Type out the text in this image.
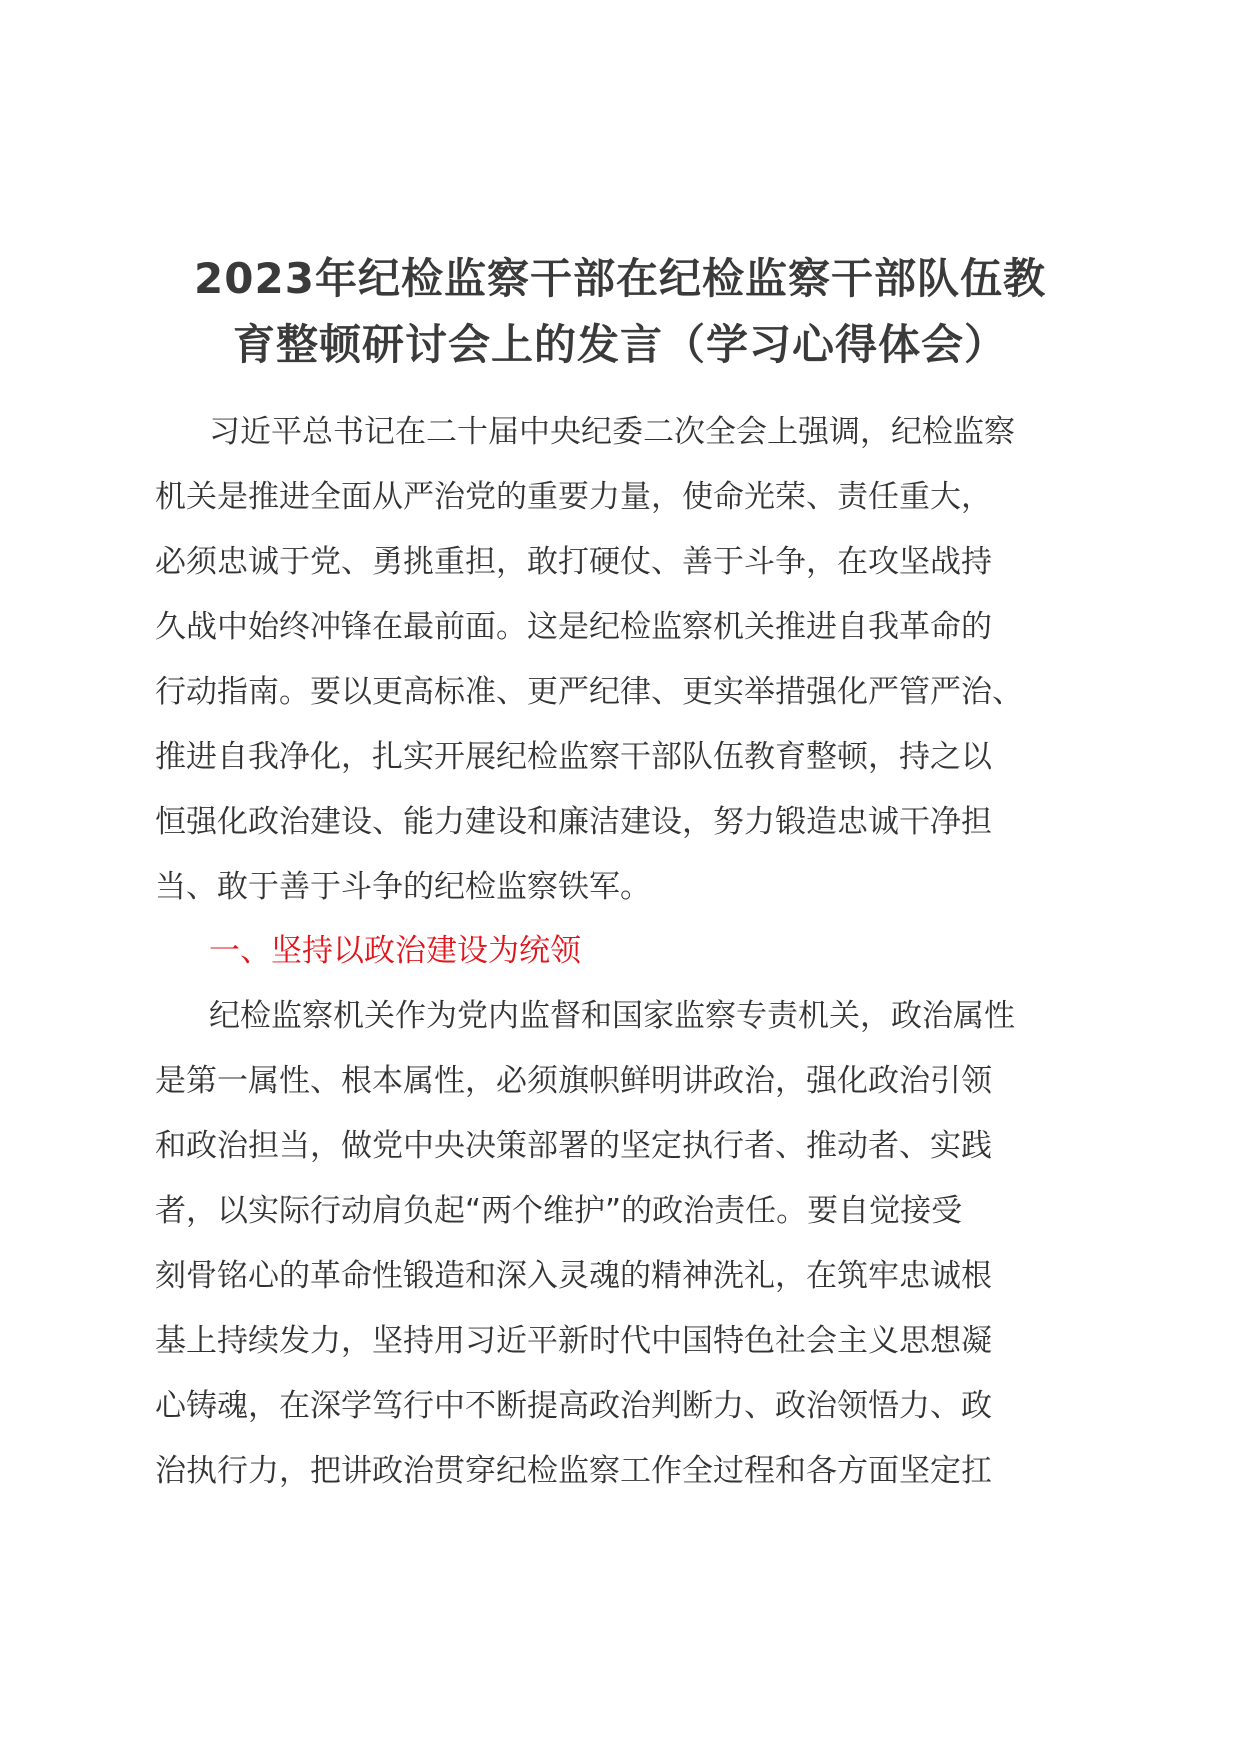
2023年纪检监察干部在纪检监察干部队伍教
育整顿研讨会上的发言（学习心得体会）
习近平总书记在二十届中央纪委二次全会上强调，纪检监察
机关是推进全面从严治党的重要力量，使命光荣、责任重大，
必须忠诚于党、勇挑重担，敢打硬仗、善于斗争，在攻坚战持
久战中始终冲锋在最前面。这是纪检监察机关推进自我革命的
行动指南。要以更高标准、更严纪律、更实举措强化严管严治、
推进自我净化，扎实开展纪检监察干部队伍教育整顿，持之以
恒强化政治建设、能力建设和廉洁建设，努力锻造忠诚干净担
当、敢于善于斗争的纪检监察铁军。
一、坚持以政治建设为统领
纪检监察机关作为党内监督和国家监察专责机关，政治属性
是第一属性、根本属性，必须旗帜鲜明讲政治，强化政治引领
和政治担当，做党中央决策部署的坚定执行者、推动者、实践
者，以实际行动肩负起“两个维护”的政治责任。要自觉接受
刻骨铭心的革命性锻造和深入灵魂的精神洗礼，在筑牢忠诚根
基上持续发力，坚持用习近平新时代中国特色社会主义思想凝
心铸魂，在深学笃行中不断提高政治判断力、政治领悟力、政
治执行力，把讲政治贯穿纪检监察工作全过程和各方面坚定扛
